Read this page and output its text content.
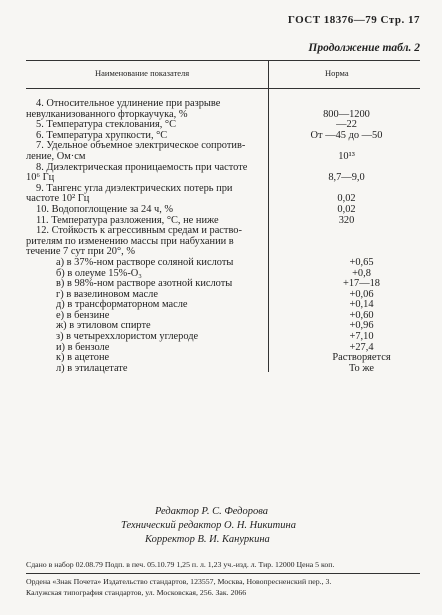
ГОСТ 18376—79 Стр. 17
Продолжение табл. 2
Наименование показателя	Норма
4. Относительное удлинение при разрыве
невулканизованного фторкаучука, %	800—1200
5. Температура стеклования, °С	—22
6. Температура хрупкости, °С	От —45 до —50
7. Удельное объемное электрическое сопротив-
ление, Ом·см	10¹³
8. Диэлектрическая проницаемость при частоте
10⁶ Гц	8,7—9,0
9. Тангенс угла диэлектрических потерь при
частоте 10² Гц	0,02
10. Водопоглощение за 24 ч, %	0,02
11. Температура разложения, °С, не ниже	320
12. Стойкость к агрессивным средам и раство-
рителям по изменению массы при набухании в
течение 7 сут при 20°, %
а) в 37%-ном растворе соляной кислоты	+0,65
б) в олеуме 15%-О₃	+0,8
в) в 98%-ном растворе азотной кислоты	+17—18
г) в вазелиновом масле	+0,06
д) в трансформаторном масле	+0,14
е) в бензине	+0,60
ж) в этиловом спирте	+0,96
з) в четыреххлористом углероде	+7,10
и) в бензоле	+27,4
к) в ацетоне	Растворяется
л) в этилацетате	То же
Редактор Р. С. Федорова
Технический редактор О. Н. Никитина
Корректор В. И. Кануркина
Сдано в набор 02.08.79 Подп. в печ. 05.10.79 1,25 п. л. 1,23 уч.-изд. л. Тир. 12000 Цена 5 коп.
Ордена «Знак Почета» Издательство стандартов, 123557, Москва, Новопресненский пер., 3.
Калужская типография стандартов, ул. Московская, 256. Зак. 2066
